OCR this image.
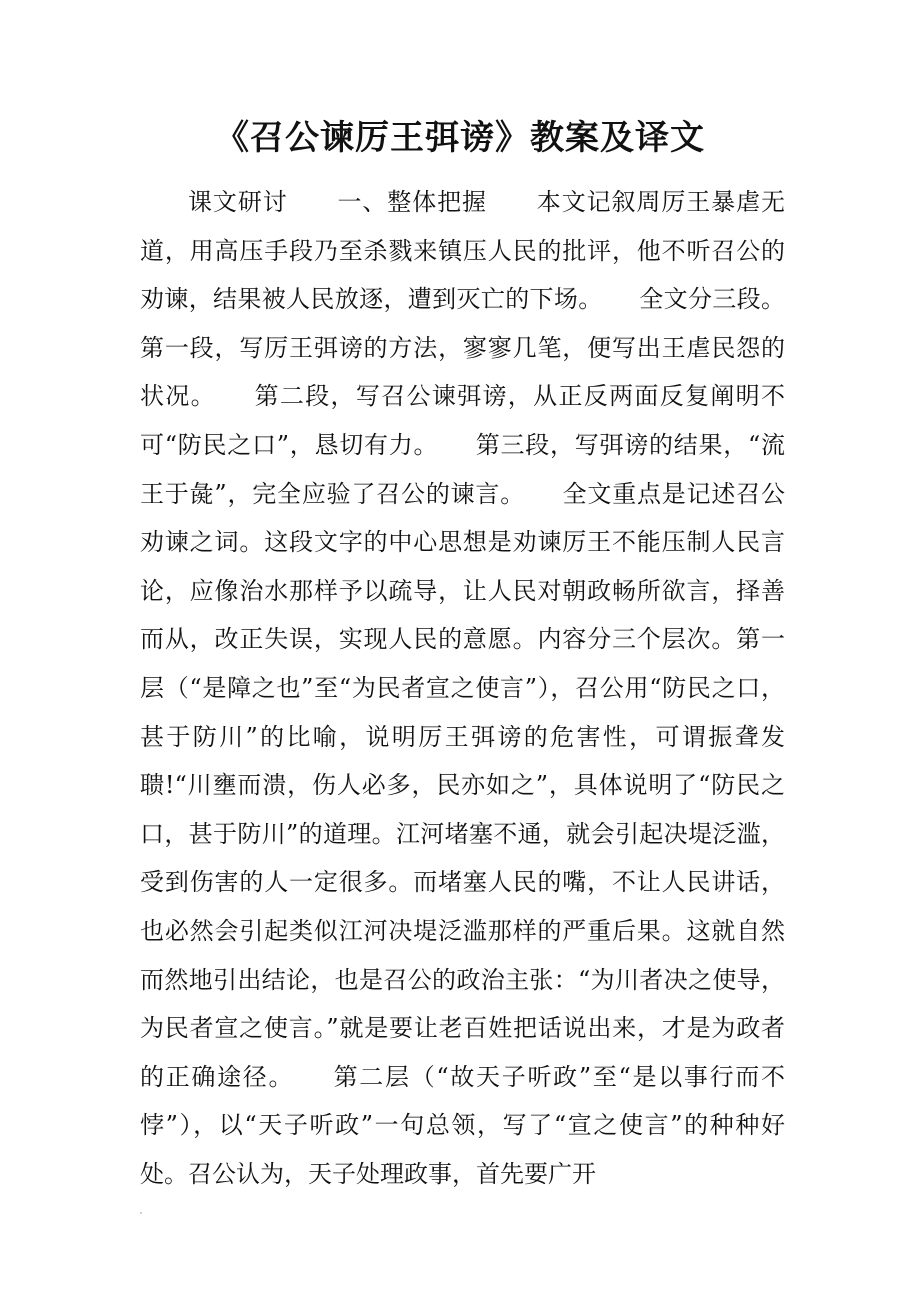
《召公谏厉王弭谤》教案及译文

课文研讨　　一、整体把握　　本文记叙周厉王暴虐无道，用高压手段乃至杀戮来镇压人民的批评，他不听召公的劝谏，结果被人民放逐，遭到灭亡的下场。　　全文分三段。第一段，写厉王弭谤的方法，寥寥几笔，便写出王虐民怨的状况。　　第二段，写召公谏弭谤，从正反两面反复阐明不可“防民之口”，恳切有力。　　第三段，写弭谤的结果，“流王于彘”，完全应验了召公的谏言。　　全文重点是记述召公劝谏之词。这段文字的中心思想是劝谏厉王不能压制人民言论，应像治水那样予以疏导，让人民对朝政畅所欲言，择善而从，改正失误，实现人民的意愿。内容分三个层次。第一层（“是障之也”至“为民者宣之使言”），召公用“防民之口，甚于防川”的比喻，说明厉王弭谤的危害性，可谓振聋发聩!“川壅而溃，伤人必多，民亦如之”，具体说明了“防民之口，甚于防川”的道理。江河堵塞不通，就会引起决堤泛滥，受到伤害的人一定很多。而堵塞人民的嘴，不让人民讲话，也必然会引起类似江河决堤泛滥那样的严重后果。这就自然而然地引出结论，也是召公的政治主张：“为川者决之使导，为民者宣之使言。”就是要让老百姓把话说出来，才是为政者的正确途径。　　第二层（“故天子听政”至“是以事行而不悖”），以“天子听政”一句总领，写了“宣之使言”的种种好处。召公认为，天子处理政事，首先要广开
